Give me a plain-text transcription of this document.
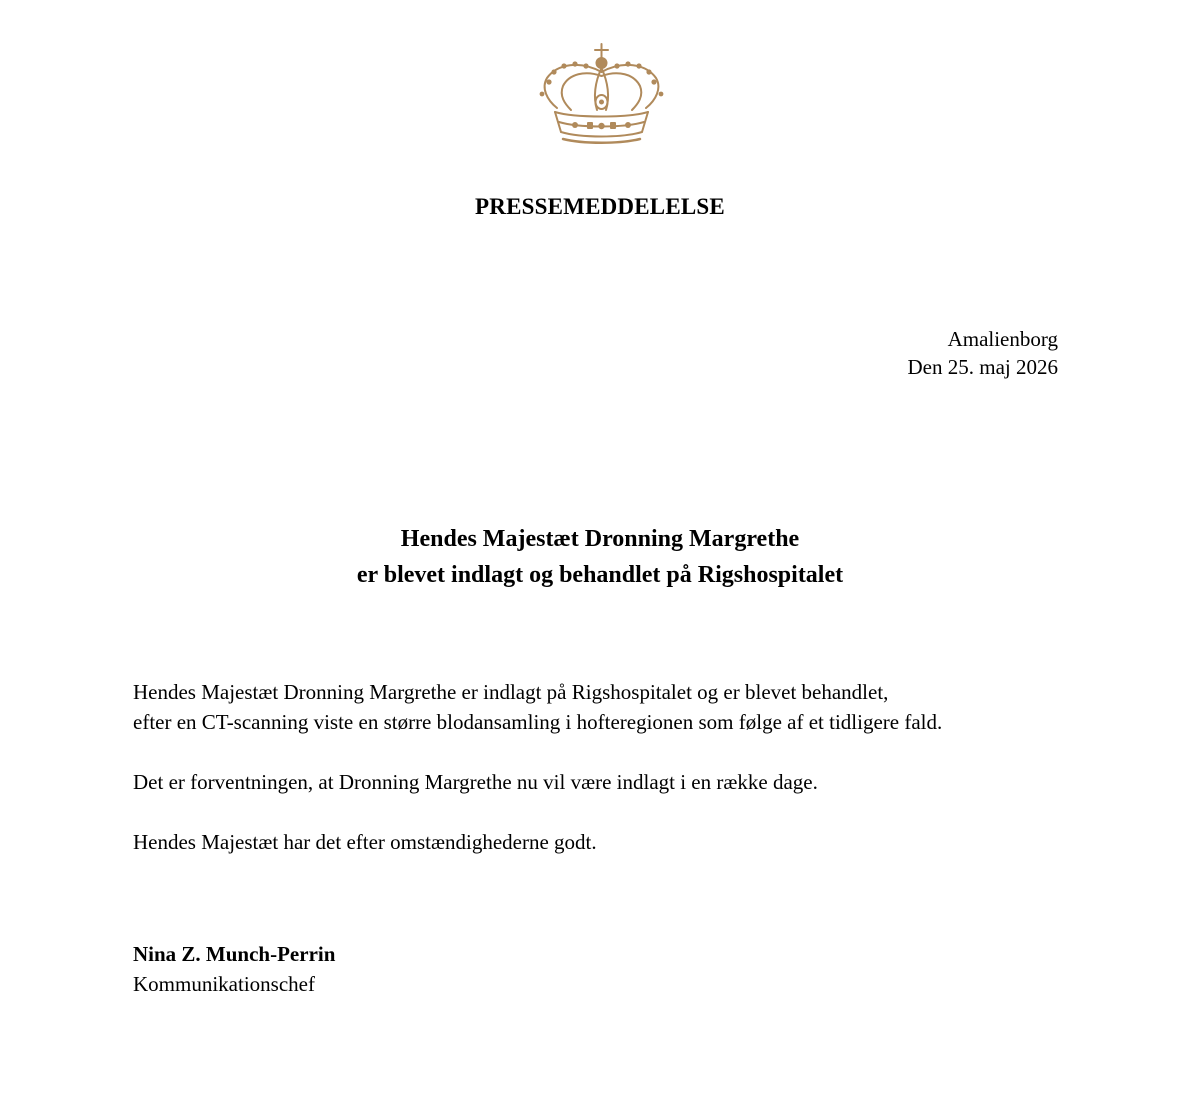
PRESSEMEDDELELSE
Amalienborg
Den 25. maj 2026
Hendes Majestæt Dronning Margrethe
er blevet indlagt og behandlet på Rigshospitalet
Hendes Majestæt Dronning Margrethe er indlagt på Rigshospitalet og er blevet behandlet,
efter en CT-scanning viste en større blodansamling i hofteregionen som følge af et tidligere fald.
Det er forventningen, at Dronning Margrethe nu vil være indlagt i en række dage.
Hendes Majestæt har det efter omstændighederne godt.
Nina Z. Munch-Perrin
Kommunikationschef
